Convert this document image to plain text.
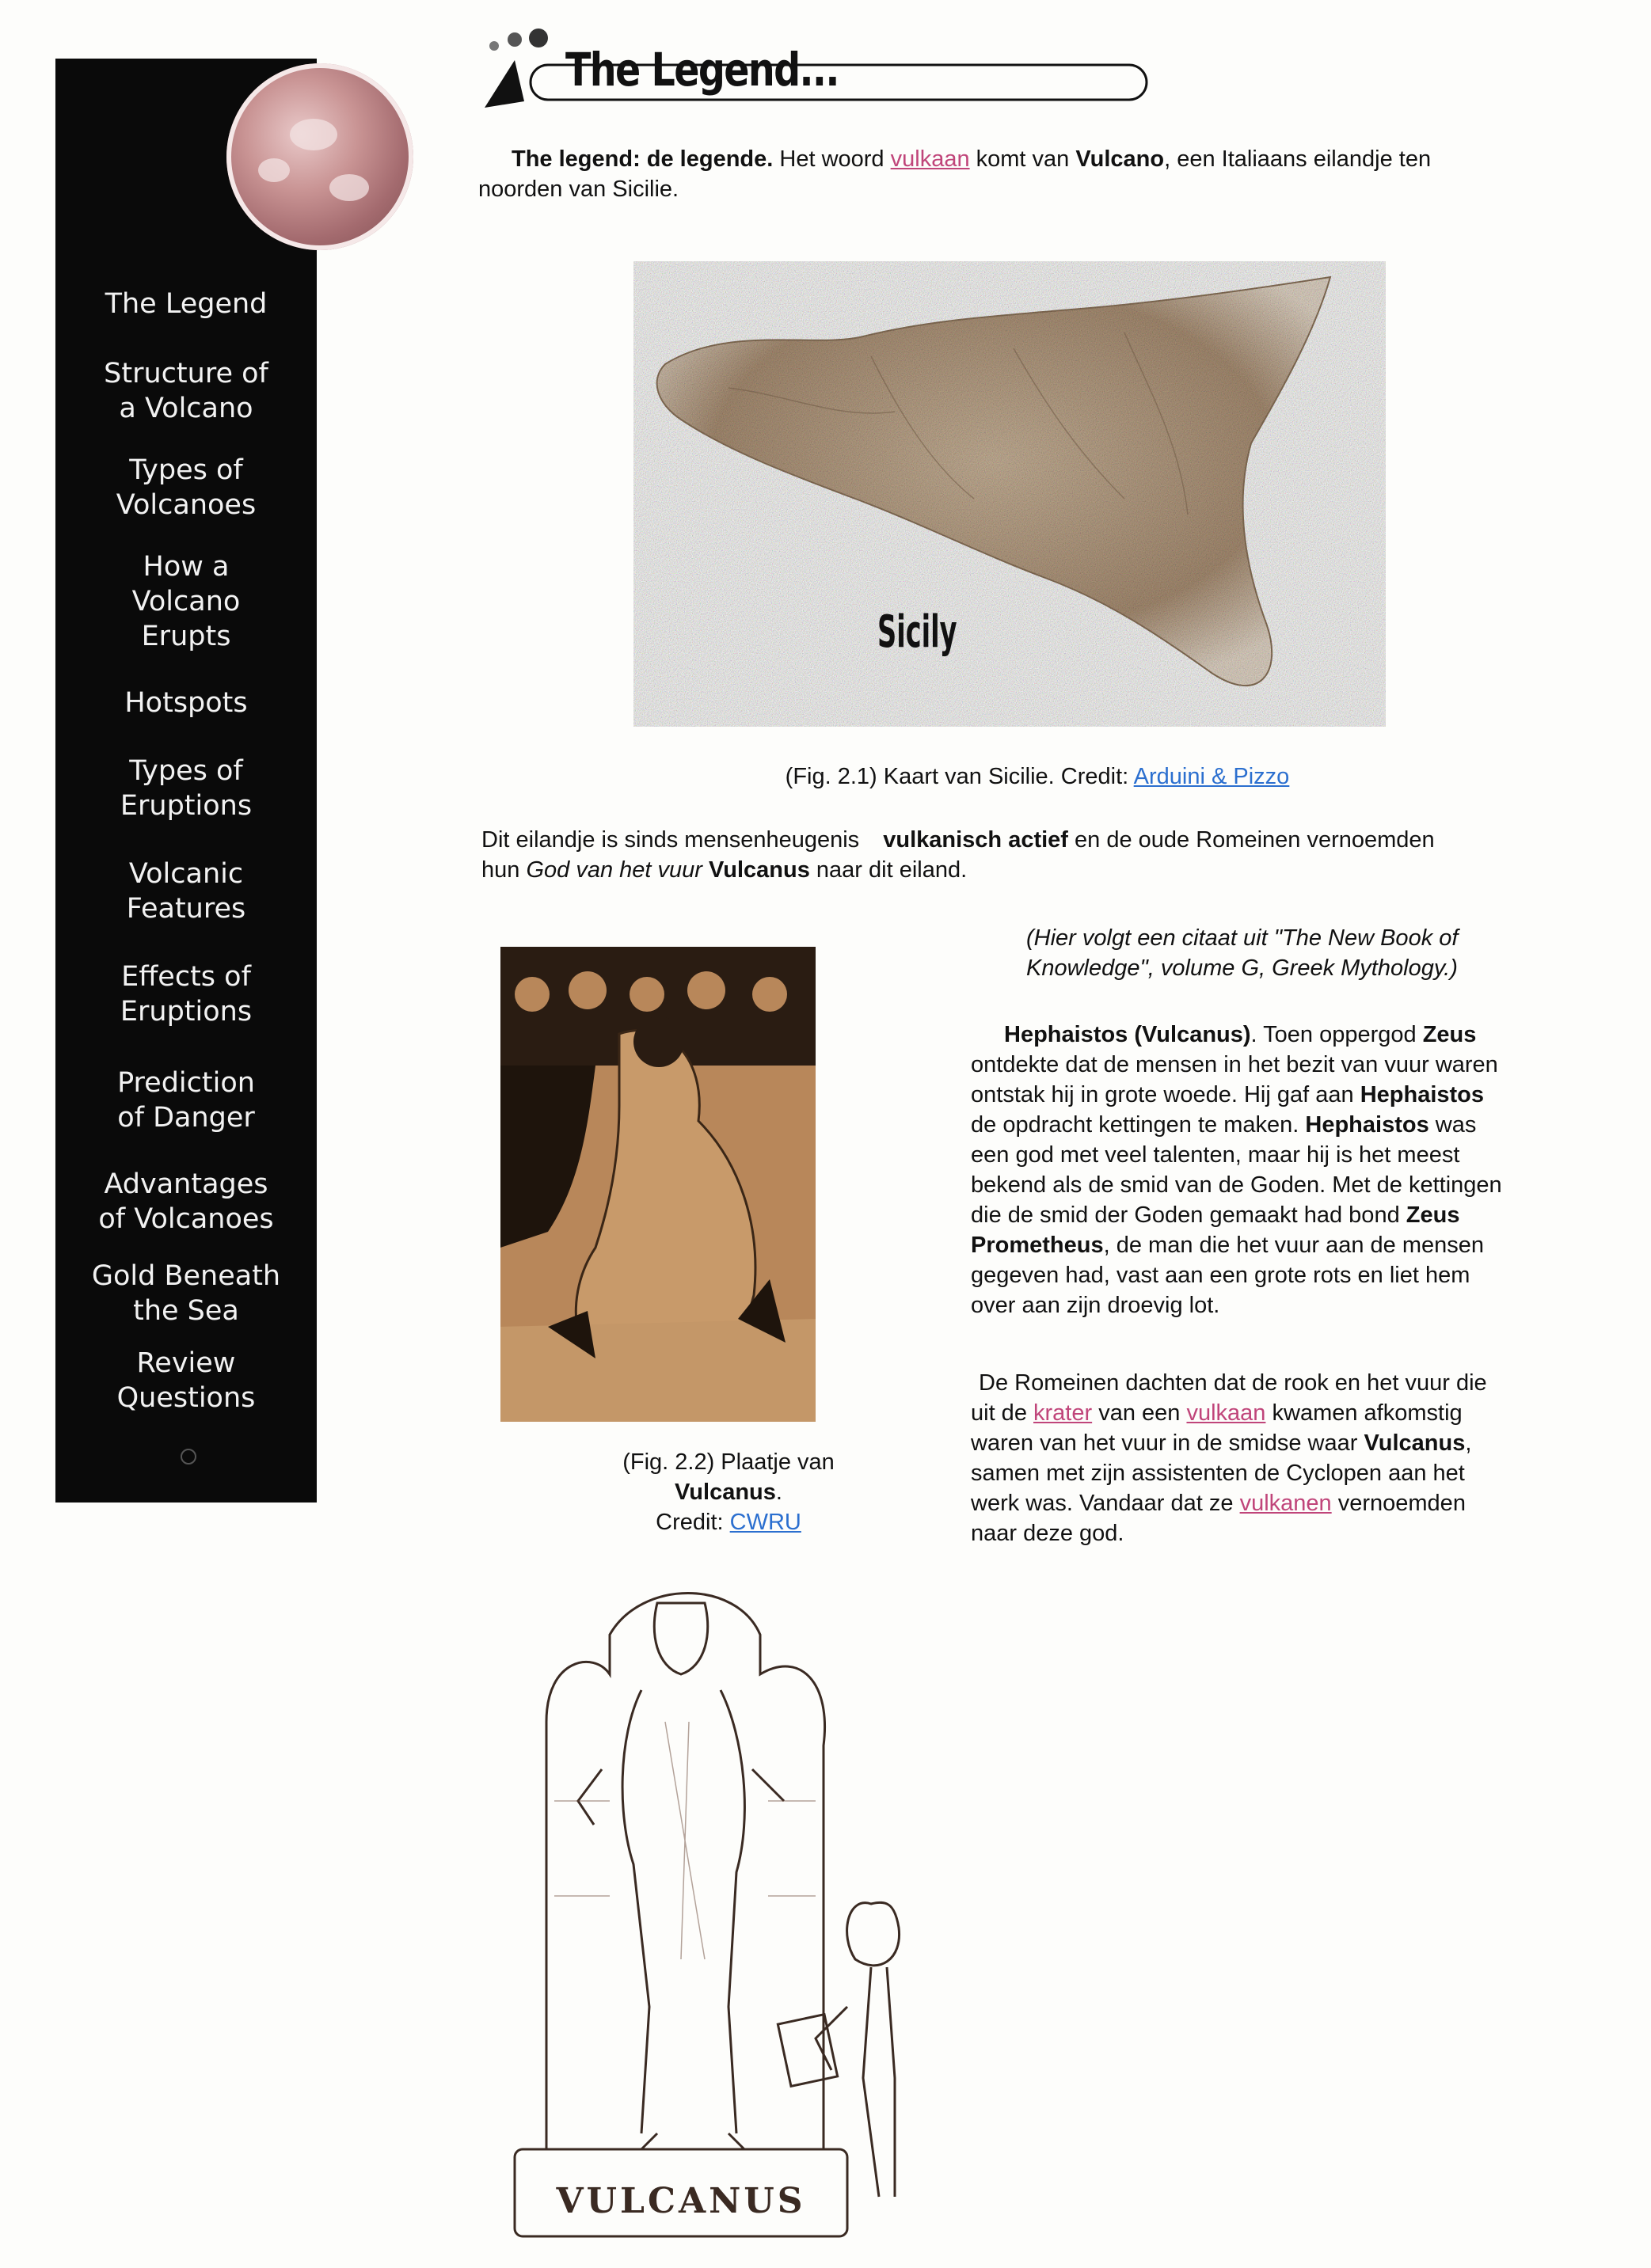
The Legend
Structure of
a Volcano
Types of
Volcanoes
How a
Volcano
Erupts
Hotspots
Types of
Eruptions
Volcanic
Features
Effects of
Eruptions
Prediction
of Danger
Advantages
of Volcanoes
Gold Beneath
the Sea
Review
Questions
The Legend...
The legend: de legende. Het woord vulkaan komt van Vulcano, een Italiaans eilandje ten
noorden van Sicilie.
Sicily
(Fig. 2.1) Kaart van Sicilie. Credit: Arduini & Pizzo
Dit eilandje is sinds mensenheugenis vulkanisch actief en de oude Romeinen vernoemden
hun God van het vuur Vulcanus naar dit eiland.
(Hier volgt een citaat uit "The New Book of
Knowledge", volume G, Greek Mythology.)
Hephaistos (Vulcanus). Toen oppergod Zeus
ontdekte dat de mensen in het bezit van vuur waren
ontstak hij in grote woede. Hij gaf aan Hephaistos
de opdracht kettingen te maken. Hephaistos was
een god met veel talenten, maar hij is het meest
bekend als de smid van de Goden. Met de kettingen
die de smid der Goden gemaakt had bond Zeus
Prometheus, de man die het vuur aan de mensen
gegeven had, vast aan een grote rots en liet hem
over aan zijn droevig lot.
De Romeinen dachten dat de rook en het vuur die
uit de krater van een vulkaan kwamen afkomstig
waren van het vuur in de smidse waar Vulcanus,
samen met zijn assistenten de Cyclopen aan het
werk was. Vandaar dat ze vulkanen vernoemden
naar deze god.
(Fig. 2.2) Plaatje van
Vulcanus.
Credit: CWRU
VULCANUS
